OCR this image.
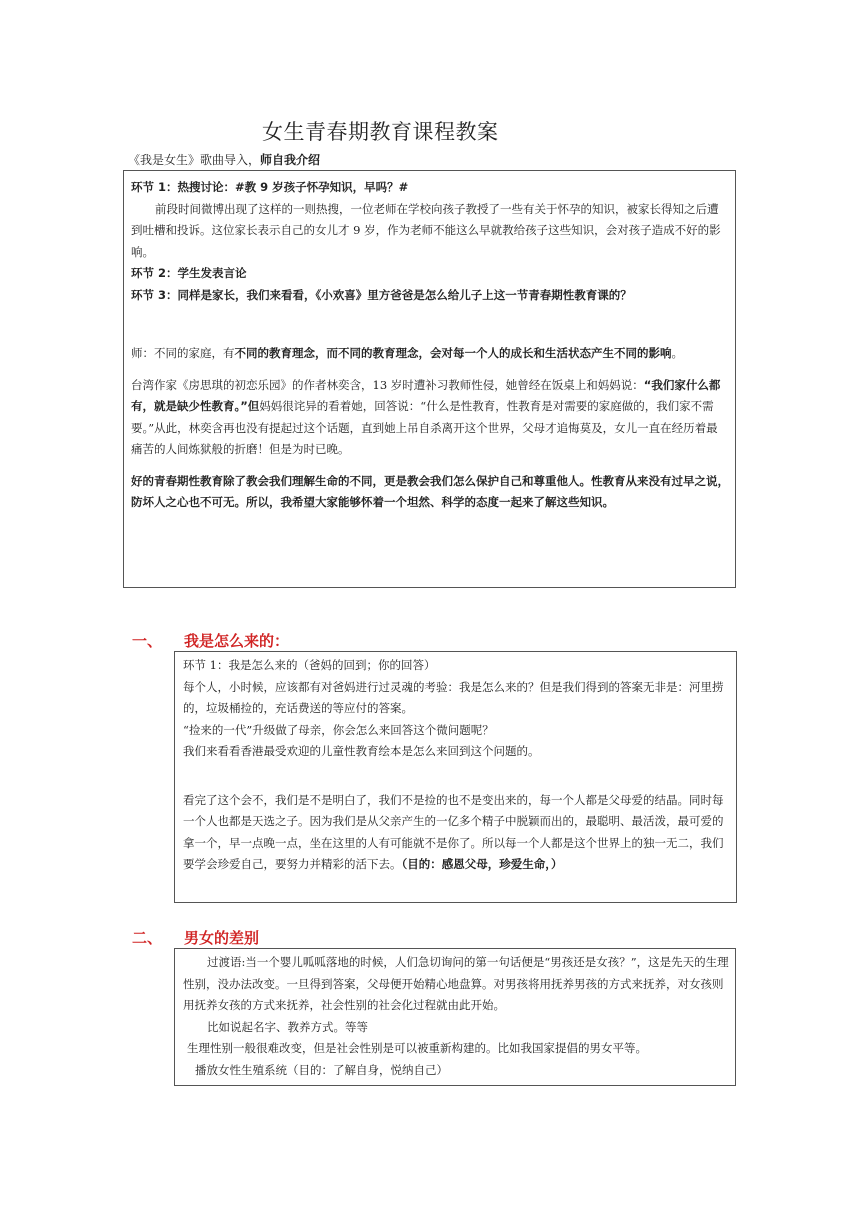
女生青春期教育课程教案
《我是女生》歌曲导入，师自我介绍

环节 1：热搜讨论：#教 9 岁孩子怀孕知识，早吗？#

前段时间微博出现了这样的一则热搜，一位老师在学校向孩子教授了一些有关于怀孕的知识，被家长得知之后遭到吐槽和投诉。这位家长表示自己的女儿才 9 岁，作为老师不能这么早就教给孩子这些知识，会对孩子造成不好的影响。

环节 2：学生发表言论

环节 3：同样是家长，我们来看看，《小欢喜》里方爸爸是怎么给儿子上这一节青春期性教育课的？

师：不同的家庭，有不同的教育理念，而不同的教育理念，会对每一个人的成长和生活状态产生不同的影响。

台湾作家《房思琪的初恋乐园》的作者林奕含，13 岁时遭补习教师性侵，她曾经在饭桌上和妈妈说：“我们家什么都有，就是缺少性教育。”但妈妈很诧异的看着她，回答说：“什么是性教育，性教育是对需要的家庭做的，我们家不需要。”从此，林奕含再也没有提起过这个话题，直到她上吊自杀离开这个世界，父母才追悔莫及，女儿一直在经历着最痛苦的人间炼狱般的折磨！但是为时已晚。

好的青春期性教育除了教会我们理解生命的不同，更是教会我们怎么保护自己和尊重他人。性教育从来没有过早之说，防坏人之心也不可无。所以，我希望大家能够怀着一个坦然、科学的态度一起来了解这些知识。

一、 我是怎么来的：

环节 1：我是怎么来的（爸妈的回到；你的回答）

每个人，小时候，应该都有对爸妈进行过灵魂的考验：我是怎么来的？但是我们得到的答案无非是：河里捞的，垃圾桶捡的，充话费送的等应付的答案。

“捡来的一代”升级做了母亲，你会怎么来回答这个微问题呢？

我们来看看香港最受欢迎的儿童性教育绘本是怎么来回到这个问题的。

看完了这个会不，我们是不是明白了，我们不是捡的也不是变出来的，每一个人都是父母爱的结晶。同时每一个人也都是天选之子。因为我们是从父亲产生的一亿多个精子中脱颖而出的，最聪明、最活泼，最可爱的拿一个，早一点晚一点，坐在这里的人有可能就不是你了。所以每一个人都是这个世界上的独一无二，我们要学会珍爱自己，要努力并精彩的活下去。（目的：感恩父母，珍爱生命，）

二、 男女的差别

过渡语:当一个婴儿呱呱落地的时候，人们急切询问的第一句话便是“男孩还是女孩？”，这是先天的生理性别，没办法改变。一旦得到答案，父母便开始精心地盘算。对男孩将用抚养男孩的方式来抚养，对女孩则用抚养女孩的方式来抚养，社会性别的社会化过程就由此开始。

比如说起名字、教养方式。等等

生理性别一般很难改变，但是社会性别是可以被重新构建的。比如我国家提倡的男女平等。

播放女性生殖系统（目的：了解自身，悦纳自己）
